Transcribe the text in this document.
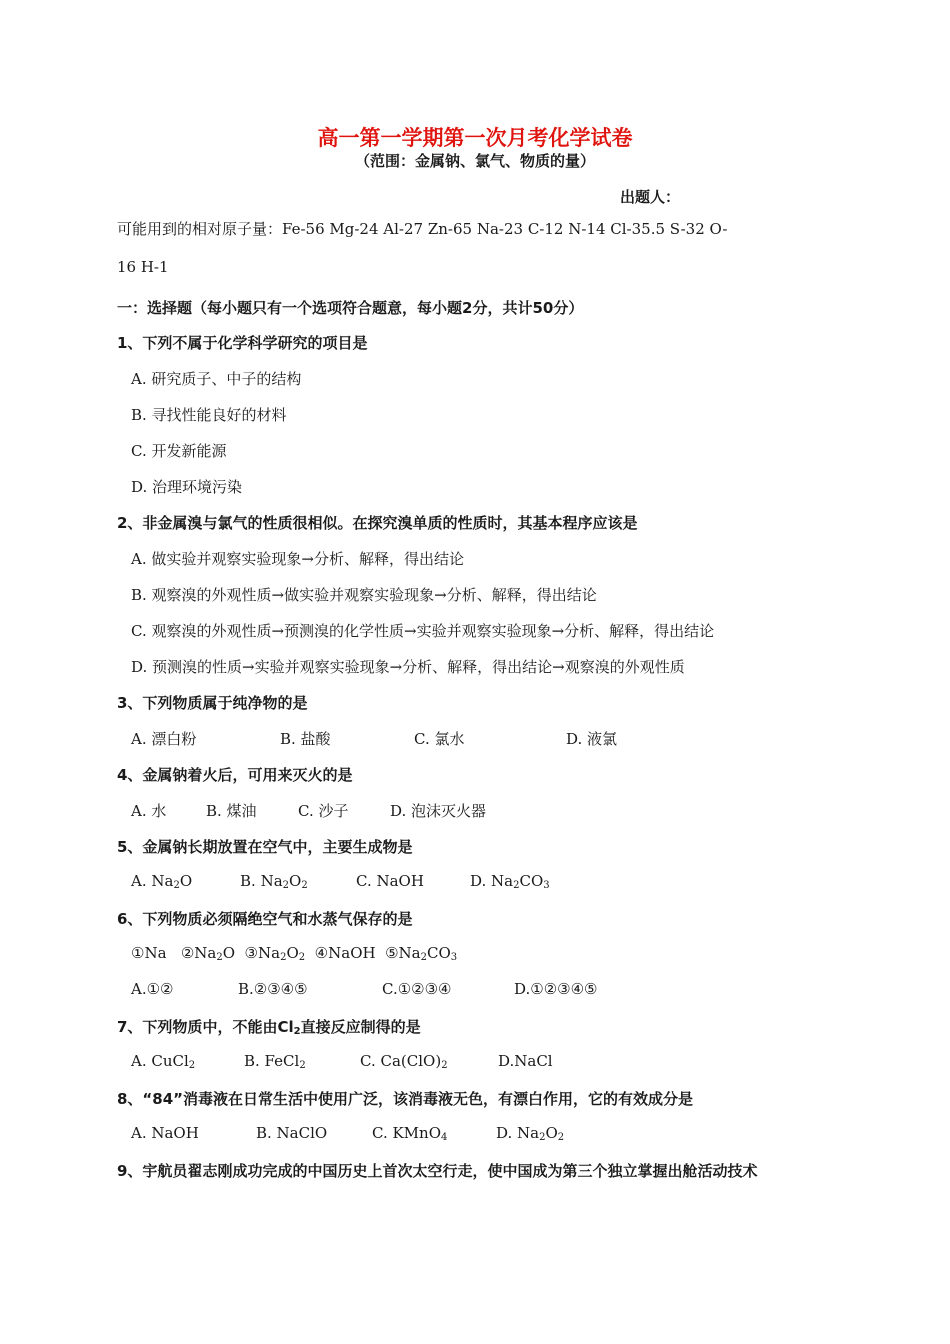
高一第一学期第一次月考化学试卷
（范围：金属钠、氯气、物质的量）
出题人：
可能用到的相对原子量：Fe-56 Mg-24 Al-27 Zn-65 Na-23 C-12 N-14 Cl-35.5 S-32 O-
16 H-1
一：选择题（每小题只有一个选项符合题意，每小题2分，共计50分）
1、下列不属于化学科学研究的项目是
A. 研究质子、中子的结构
B. 寻找性能良好的材料
C. 开发新能源
D. 治理环境污染
2、非金属溴与氯气的性质很相似。在探究溴单质的性质时，其基本程序应该是
A. 做实验并观察实验现象→分析、解释，得出结论
B. 观察溴的外观性质→做实验并观察实验现象→分析、解释，得出结论
C. 观察溴的外观性质→预测溴的化学性质→实验并观察实验现象→分析、解释，得出结论
D. 预测溴的性质→实验并观察实验现象→分析、解释，得出结论→观察溴的外观性质
3、下列物质属于纯净物的是
A. 漂白粉	B. 盐酸	C. 氯水	D. 液氯
4、金属钠着火后，可用来灭火的是
A. 水	B. 煤油	C. 沙子	D. 泡沫灭火器
5、金属钠长期放置在空气中，主要生成物是
A. $Na_2O$	B. $Na_2O_2$	C. NaOH	D. $Na_2CO_3$
6、下列物质必须隔绝空气和水蒸气保存的是
①Na   $②Na_2O$  $③Na_2O_2$  ④NaOH  $⑤Na_2CO_3$
A.①②	B.②③④⑤	C.①②③④	D.①②③④⑤
7、下列物质中，不能由$Cl_2$直接反应制得的是
A. CuCl$_2$	B. FeCl$_2$	C. $Ca(ClO)_2$	D.NaCl
8、“84”消毒液在日常生活中使用广泛，该消毒液无色，有漂白作用，它的有效成分是
A. NaOH	B. NaClO	C. KMnO$_4$	D. $Na_2O_2$
9、宇航员翟志刚成功完成的中国历史上首次太空行走，使中国成为第三个独立掌握出舱活动技术
